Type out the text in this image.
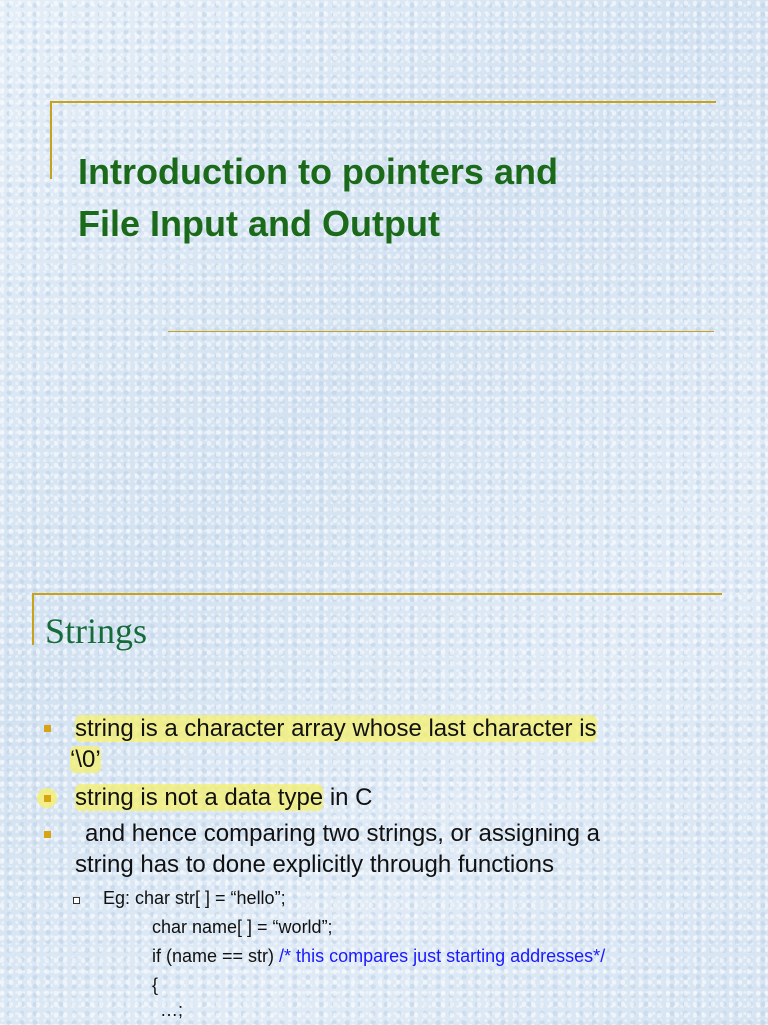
Introduction to pointers and
File Input and Output
Strings
string is a character array whose last character is
‘\0’
string is not a data type in C
and hence comparing two strings, or assigning a
string has to done explicitly through functions
Eg: char str[ ] = “hello”;
char name[ ] = “world”;
if (name == str) /* this compares just starting addresses*/
{
…;
